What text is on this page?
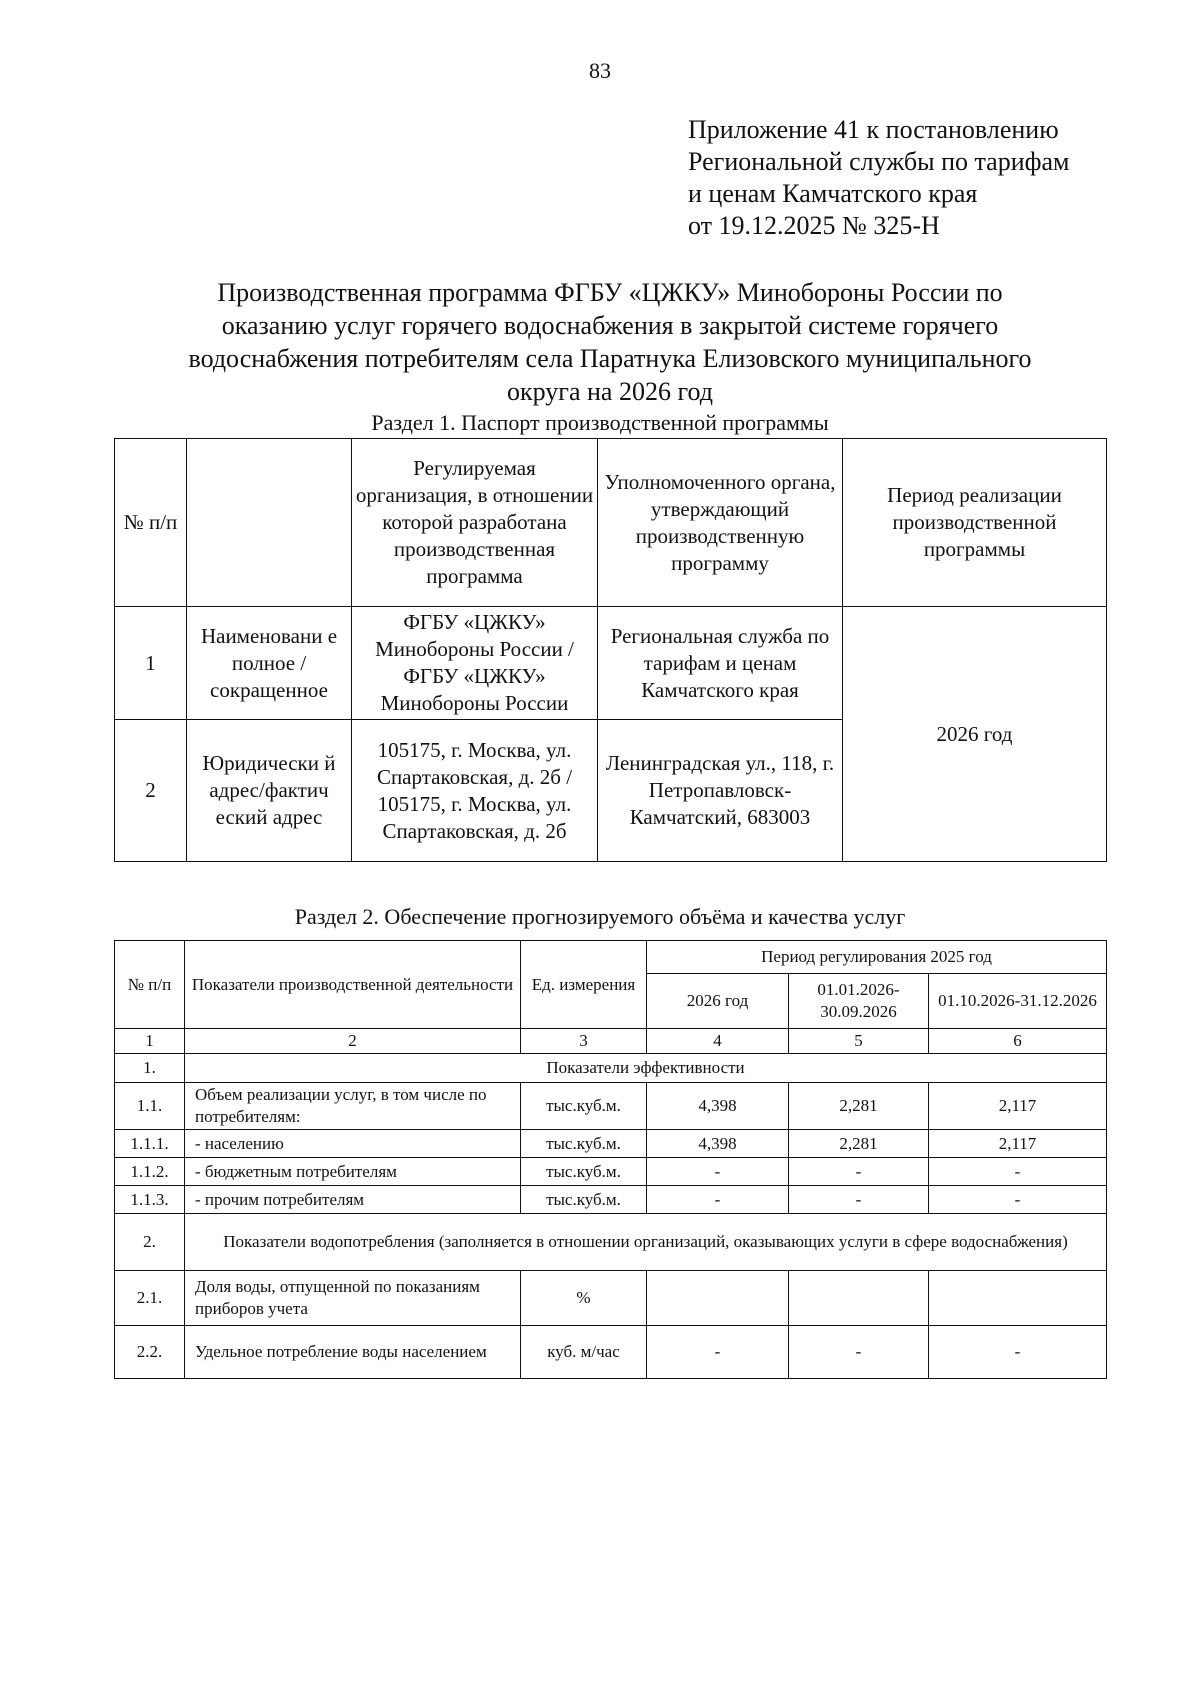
83
Приложение 41 к постановлению
Региональной службы по тарифам
и ценам Камчатского края
от 19.12.2025 № 325-Н
Производственная программа ФГБУ «ЦЖКУ» Минобороны России по
оказанию услуг горячего водоснабжения в закрытой системе горячего
водоснабжения потребителям села Паратнука Елизовского муниципального
округа на 2026 год
Раздел 1. Паспорт производственной программы
№ п/п		Регулируемая организация, в отношении которой разработана производственная программа	Уполномоченного органа, утверждающий производственную программу	Период реализации производственной программы
1	Наименовани е полное / сокращенное	ФГБУ «ЦЖКУ» Минобороны России / ФГБУ «ЦЖКУ» Минобороны России	Региональная служба по тарифам и ценам Камчатского края	2026 год
2	Юридически й адрес/фактич еский адрес	105175, г. Москва, ул. Спартаковская, д. 2б / 105175, г. Москва, ул. Спартаковская, д. 2б	Ленинградская ул., 118, г. Петропавловск-Камчатский, 683003	
Раздел 2. Обеспечение прогнозируемого объёма и качества услуг
№ п/п	Показатели производственной деятельности	Ед. измерения	Период регулирования 2025 год		
			2026 год	01.01.2026-30.09.2026	01.10.2026-31.12.2026
1	2	3	4	5	6
1.	Показатели эффективности				
1.1.	Объем реализации услуг, в том числе по потребителям:	тыс.куб.м.	4,398	2,281	2,117
1.1.1.	- населению	тыс.куб.м.	4,398	2,281	2,117
1.1.2.	- бюджетным потребителям	тыс.куб.м.	-	-	-
1.1.3.	- прочим потребителям	тыс.куб.м.	-	-	-
2.	Показатели водопотребления (заполняется в отношении организаций, оказывающих услуги в сфере водоснабжения)				
2.1.	Доля воды, отпущенной по показаниям приборов учета	%			
2.2.	Удельное потребление воды населением	куб. м/час	-	-	-
